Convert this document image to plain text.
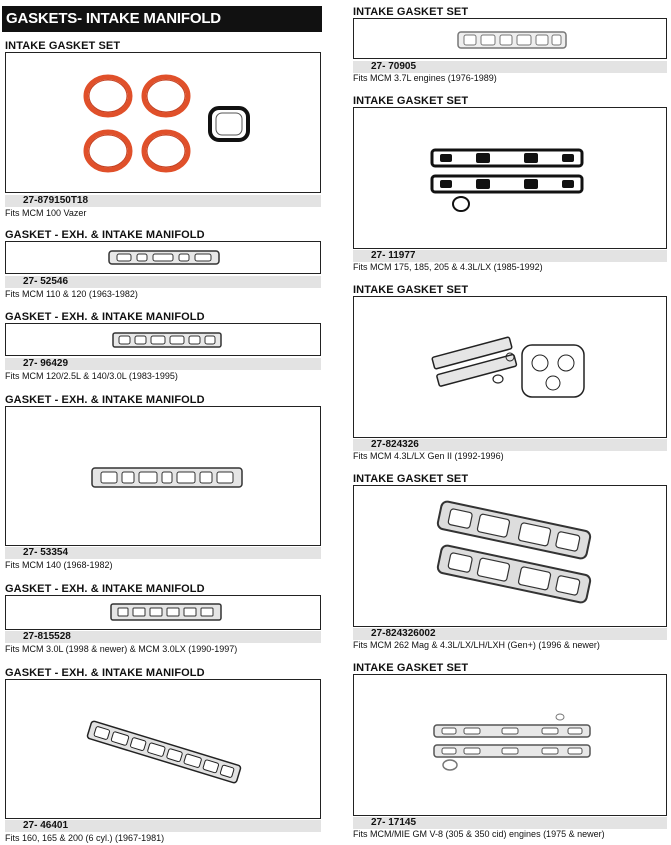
GASKETS- INTAKE MANIFOLD
INTAKE GASKET SET
27-879150T18
Fits MCM 100 Vazer
GASKET - EXH. & INTAKE MANIFOLD
27- 52546
Fits MCM 110 & 120 (1963-1982)
GASKET - EXH. & INTAKE MANIFOLD
27- 96429
Fits MCM 120/2.5L & 140/3.0L (1983-1995)
GASKET - EXH. & INTAKE MANIFOLD
27- 53354
Fits MCM 140 (1968-1982)
GASKET - EXH. & INTAKE MANIFOLD
27-815528
Fits MCM 3.0L (1998 & newer) & MCM 3.0LX (1990-1997)
GASKET - EXH. & INTAKE MANIFOLD
27- 46401
Fits 160, 165 & 200 (6 cyl.) (1967-1981)
INTAKE GASKET SET
27- 70905
Fits MCM 3.7L engines (1976-1989)
INTAKE GASKET SET
27- 11977
Fits MCM 175, 185, 205 & 4.3L/LX (1985-1992)
INTAKE GASKET SET
27-824326
Fits MCM 4.3L/LX Gen II (1992-1996)
INTAKE GASKET SET
27-824326002
Fits MCM 262 Mag & 4.3L/LX/LH/LXH (Gen+) (1996 & newer)
INTAKE GASKET SET
27- 17145
Fits MCM/MIE GM V-8 (305 & 350 cid) engines (1975 & newer)
